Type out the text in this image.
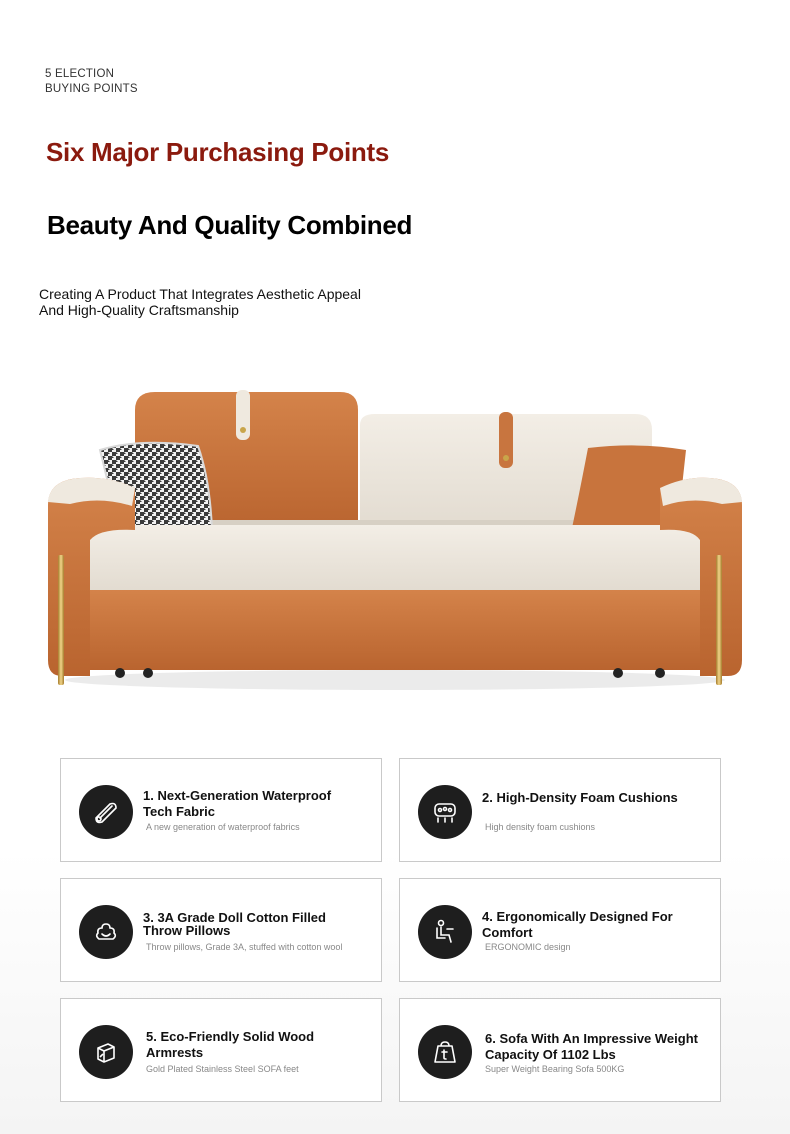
5 ELECTION
BUYING POINTS
Six Major Purchasing Points
Beauty And Quality Combined
Creating A Product That Integrates Aesthetic Appeal
And High-Quality Craftsmanship
1. Next-Generation Waterproof Tech Fabric
A new generation of waterproof fabrics
2. High-Density Foam Cushions
High density foam cushions
3. 3A Grade Doll Cotton Filled Throw Pillows
Throw pillows, Grade 3A, stuffed with cotton wool
4. Ergonomically Designed For Comfort
ERGONOMIC design
5. Eco-Friendly Solid Wood Armrests
Gold Plated Stainless Steel SOFA feet
6. Sofa With An Impressive Weight Capacity Of 1102 Lbs
Super Weight Bearing Sofa 500KG
